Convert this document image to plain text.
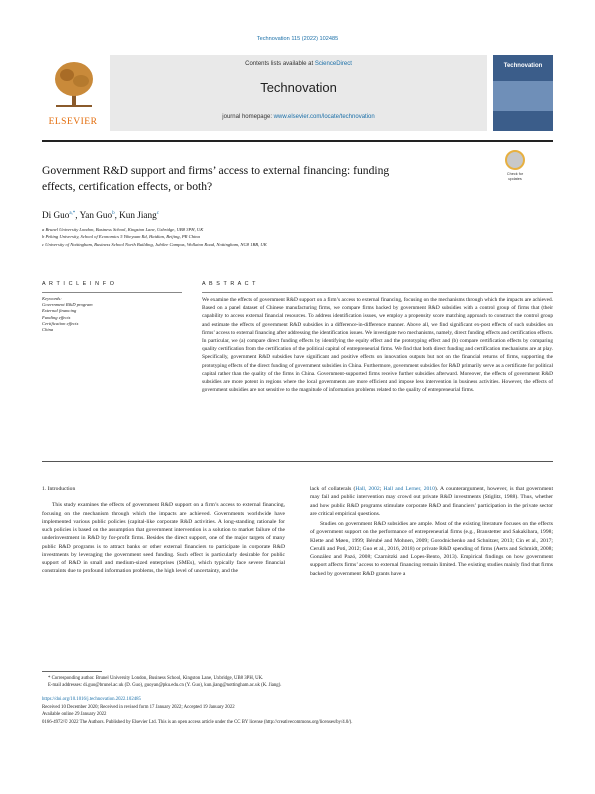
Technovation 115 (2022) 102485
ELSEVIER
Contents lists available at ScienceDirect
Technovation
journal homepage: www.elsevier.com/locate/technovation
Technovation
Government R&D support and firms’ access to external financing: funding
effects, certification effects, or both?
Check for
updates
Di Guo$^{a,*}$, Yan Guo$^b$, Kun Jiang$^c$
a Brunel University London, Business School, Kingston Lane, Uxbridge, UB8 3PH, UK
b Peking University, School of Economics 5 Yiheyuan Rd, Haidian, Beijing, PR China
c University of Nottingham, Business School North Building, Jubilee Campus, Wollaton Road, Nottingham, NG8 1BB, UK
A R T I C L E I N F O	A B S T R A C T
Keywords:
Government R&D program
External financing
Funding effects
Certification effects
China
We examine the effects of government R&D support on a firm’s access to external financing, focusing on the mechanisms through which the impacts are achieved. Based on a panel dataset of Chinese manufacturing firms, we compare firms backed by government R&D subsidies with a control group of firms that (their capability to access external financial resources. To address identification issues, we employ a propensity score matching approach to construct the control group and estimate the effects of government R&D subsidies in a difference-in-difference manner. Above all, we find significant ex-post effects of such subsidies on firms’ access to external financing after addressing the identification issues. We investigate two mechanisms, namely, direct funding effects and certification effects. In particular, we (a) compare direct funding effects by identifying the equity effect and the prototyping effect and (b) compare certification effects by comparing quality certification from the certification of the political capital of entrepreneurial firms. We find that both direct funding and certification mechanisms are at play. Specifically, government R&D subsidies have significant and positive effects on innovation outputs but not on the financial returns of firms, supporting the prototyping effects of the direct funding of government subsidies in China. Furthermore, government subsidies for R&D primarily serve as a certificate for political capital rather than the quality of the firms in China. Government-supported firms receive further subsidies afterward. Moreover, the effects of government R&D subsidies are more potent in regions where the local governments are more efficient and impose less intervention in business activities. However, the effects of government subsidies are not sensitive to the magnitude of information problems related to the quality of entrepreneurial firms.
1. Introduction
This study examines the effects of government R&D support on a firm’s access to external financing, focusing on the mechanism through which the impacts are achieved. Governments worldwide have implemented various public policies (capital-like corporate R&D activities. A long-standing rationale for such policies is based on the assumption that government intervention is a solution to market failure of the underinvestment in R&D by for-profit firms. Besides the direct support, one of the major targets of many public R&D programs is to attract banks or other external financiers to participate in corporate R&D investments by leveraging the government seed funding. Such effect is particularly desirable for public support of R&D in small and medium-sized enterprises (SMEs), which typically face severe financial constraints due to profound information problems, the high level of uncertainty, and the
lack of collaterals (Hall, 2002; Hall and Lerner, 2010). A counterargument, however, is that government may fail and public intervention may crowd out private R&D investments (Stiglitz, 1988). Thus, whether and how public R&D programs stimulate corporate R&D and financiers’ participation in the private sector are critical empirical questions.
Studies on government R&D subsidies are ample. Most of the existing literature focuses on the effects of government support on the performance of entrepreneurial firms (e.g., Branstetter and Sakakibara, 1998; Klette and Møen, 1999; Bérubé and Mohnen, 2009; Gorodnichenko and Schnitzer, 2013; Cin et al., 2017; Cerulli and Poti, 2012; Guo et al., 2016, 2018) or private R&D spending of firms (Aerts and Schmidt, 2008; González and Pazó, 2008; Czarnitzki and Lopes-Bento, 2013). Empirical findings on how government support affects firms’ access to external financing remain limited. The existing studies mainly find that firms backed by government R&D grants have a
* Corresponding author. Brunel University London, Business School, Kingston Lane, Uxbridge, UB8 3PH, UK.
E-mail addresses: di.guo@brunel.ac.uk (D. Guo), guoyan@pku.edu.cn (Y. Guo), kun.jiang@nottingham.ac.uk (K. Jiang).
https://doi.org/10.1016/j.technovation.2022.102485
Received 10 December 2020; Received in revised form 17 January 2022; Accepted 19 January 2022
Available online 29 January 2022
0166-4972/© 2022 The Authors. Published by Elsevier Ltd. This is an open access article under the CC BY license (http://creativecommons.org/licenses/by/4.0/).
